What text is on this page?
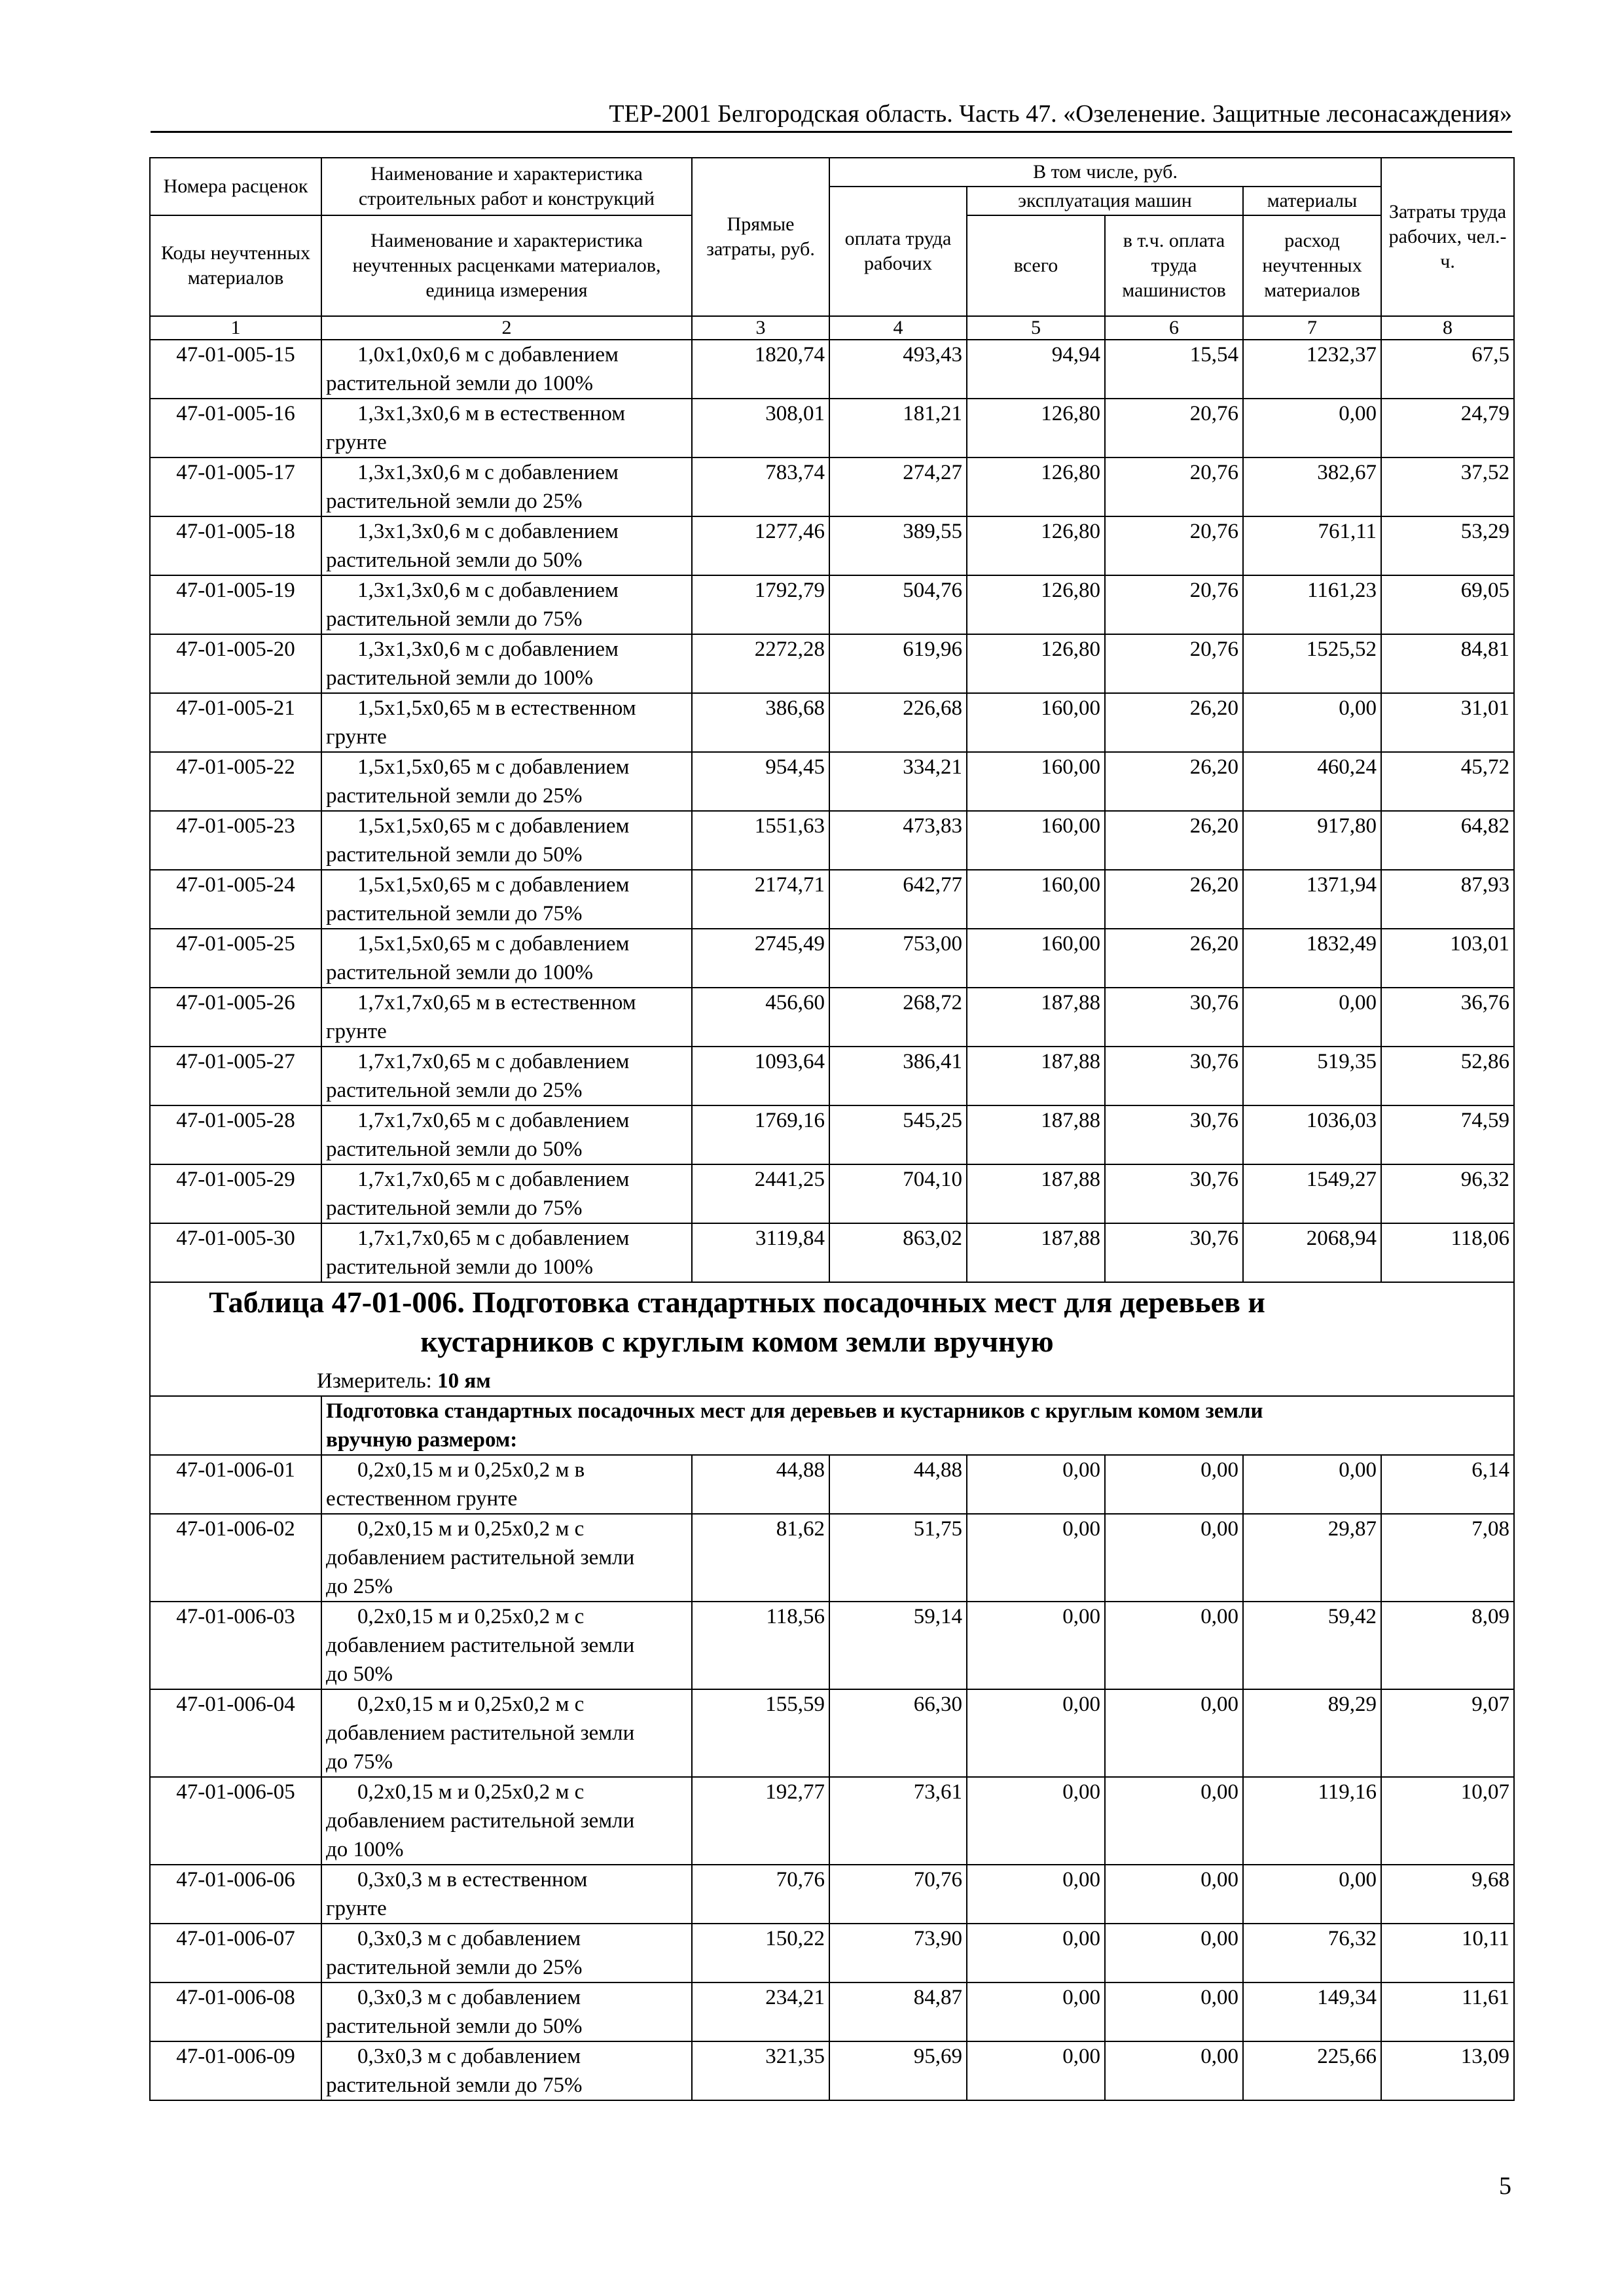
ТЕР-2001 Белгородская область. Часть 47. «Озеленение. Защитные лесонасаждения»
Номера расценок	Наименование и характеристика строительных работ и конструкций	Прямые затраты, руб.	В том числе, руб.				Затраты труда рабочих, чел.-ч.
			оплата труда рабочих	эксплуатация машин		материалы	
Коды неучтенных материалов	Наименование и характеристика неучтенных расценками материалов, единица измерения			всего	в т.ч. оплата труда машинистов	расход неучтенных материалов	

1	2	3	4	5	6	7	8
47-01-005-15	1,0х1,0х0,6 м с добавлением
растительной земли до 100%	1820,74	493,43	94,94	15,54	1232,37	67,5
47-01-005-16	1,3х1,3х0,6 м в естественном
грунте	308,01	181,21	126,80	20,76	0,00	24,79
47-01-005-17	1,3х1,3х0,6 м с добавлением
растительной земли до 25%	783,74	274,27	126,80	20,76	382,67	37,52
47-01-005-18	1,3х1,3х0,6 м с добавлением
растительной земли до 50%	1277,46	389,55	126,80	20,76	761,11	53,29
47-01-005-19	1,3х1,3х0,6 м с добавлением
растительной земли до 75%	1792,79	504,76	126,80	20,76	1161,23	69,05
47-01-005-20	1,3х1,3х0,6 м с добавлением
растительной земли до 100%	2272,28	619,96	126,80	20,76	1525,52	84,81
47-01-005-21	1,5х1,5х0,65 м в естественном
грунте	386,68	226,68	160,00	26,20	0,00	31,01
47-01-005-22	1,5х1,5х0,65 м с добавлением
растительной земли до 25%	954,45	334,21	160,00	26,20	460,24	45,72
47-01-005-23	1,5х1,5х0,65 м с добавлением
растительной земли до 50%	1551,63	473,83	160,00	26,20	917,80	64,82
47-01-005-24	1,5х1,5х0,65 м с добавлением
растительной земли до 75%	2174,71	642,77	160,00	26,20	1371,94	87,93
47-01-005-25	1,5х1,5х0,65 м с добавлением
растительной земли до 100%	2745,49	753,00	160,00	26,20	1832,49	103,01
47-01-005-26	1,7х1,7х0,65 м в естественном
грунте	456,60	268,72	187,88	30,76	0,00	36,76
47-01-005-27	1,7х1,7х0,65 м с добавлением
растительной земли до 25%	1093,64	386,41	187,88	30,76	519,35	52,86
47-01-005-28	1,7х1,7х0,65 м с добавлением
растительной земли до 50%	1769,16	545,25	187,88	30,76	1036,03	74,59
47-01-005-29	1,7х1,7х0,65 м с добавлением
растительной земли до 75%	2441,25	704,10	187,88	30,76	1549,27	96,32
47-01-005-30	1,7х1,7х0,65 м с добавлением
растительной земли до 100%	3119,84	863,02	187,88	30,76	2068,94	118,06

Таблица 47-01-006. Подготовка стандартных посадочных мест для деревьев и
кустарников с круглым комом земли вручную
Измеритель: 10 ям							

	Подготовка стандартных посадочных мест для деревьев и кустарников с круглым комом земли
вручную размером:						

47-01-006-01	0,2х0,15 м и 0,25х0,2 м в
естественном грунте	44,88	44,88	0,00	0,00	0,00	6,14
47-01-006-02	0,2х0,15 м и 0,25х0,2 м с
добавлением растительной земли
до 25%	81,62	51,75	0,00	0,00	29,87	7,08
47-01-006-03	0,2х0,15 м и 0,25х0,2 м с
добавлением растительной земли
до 50%	118,56	59,14	0,00	0,00	59,42	8,09
47-01-006-04	0,2х0,15 м и 0,25х0,2 м с
добавлением растительной земли
до 75%	155,59	66,30	0,00	0,00	89,29	9,07
47-01-006-05	0,2х0,15 м и 0,25х0,2 м с
добавлением растительной земли
до 100%	192,77	73,61	0,00	0,00	119,16	10,07
47-01-006-06	0,3х0,3 м в естественном
грунте	70,76	70,76	0,00	0,00	0,00	9,68
47-01-006-07	0,3х0,3 м с добавлением
растительной земли до 25%	150,22	73,90	0,00	0,00	76,32	10,11
47-01-006-08	0,3х0,3 м с добавлением
растительной земли до 50%	234,21	84,87	0,00	0,00	149,34	11,61
47-01-006-09	0,3х0,3 м с добавлением
растительной земли до 75%	321,35	95,69	0,00	0,00	225,66	13,09
5
